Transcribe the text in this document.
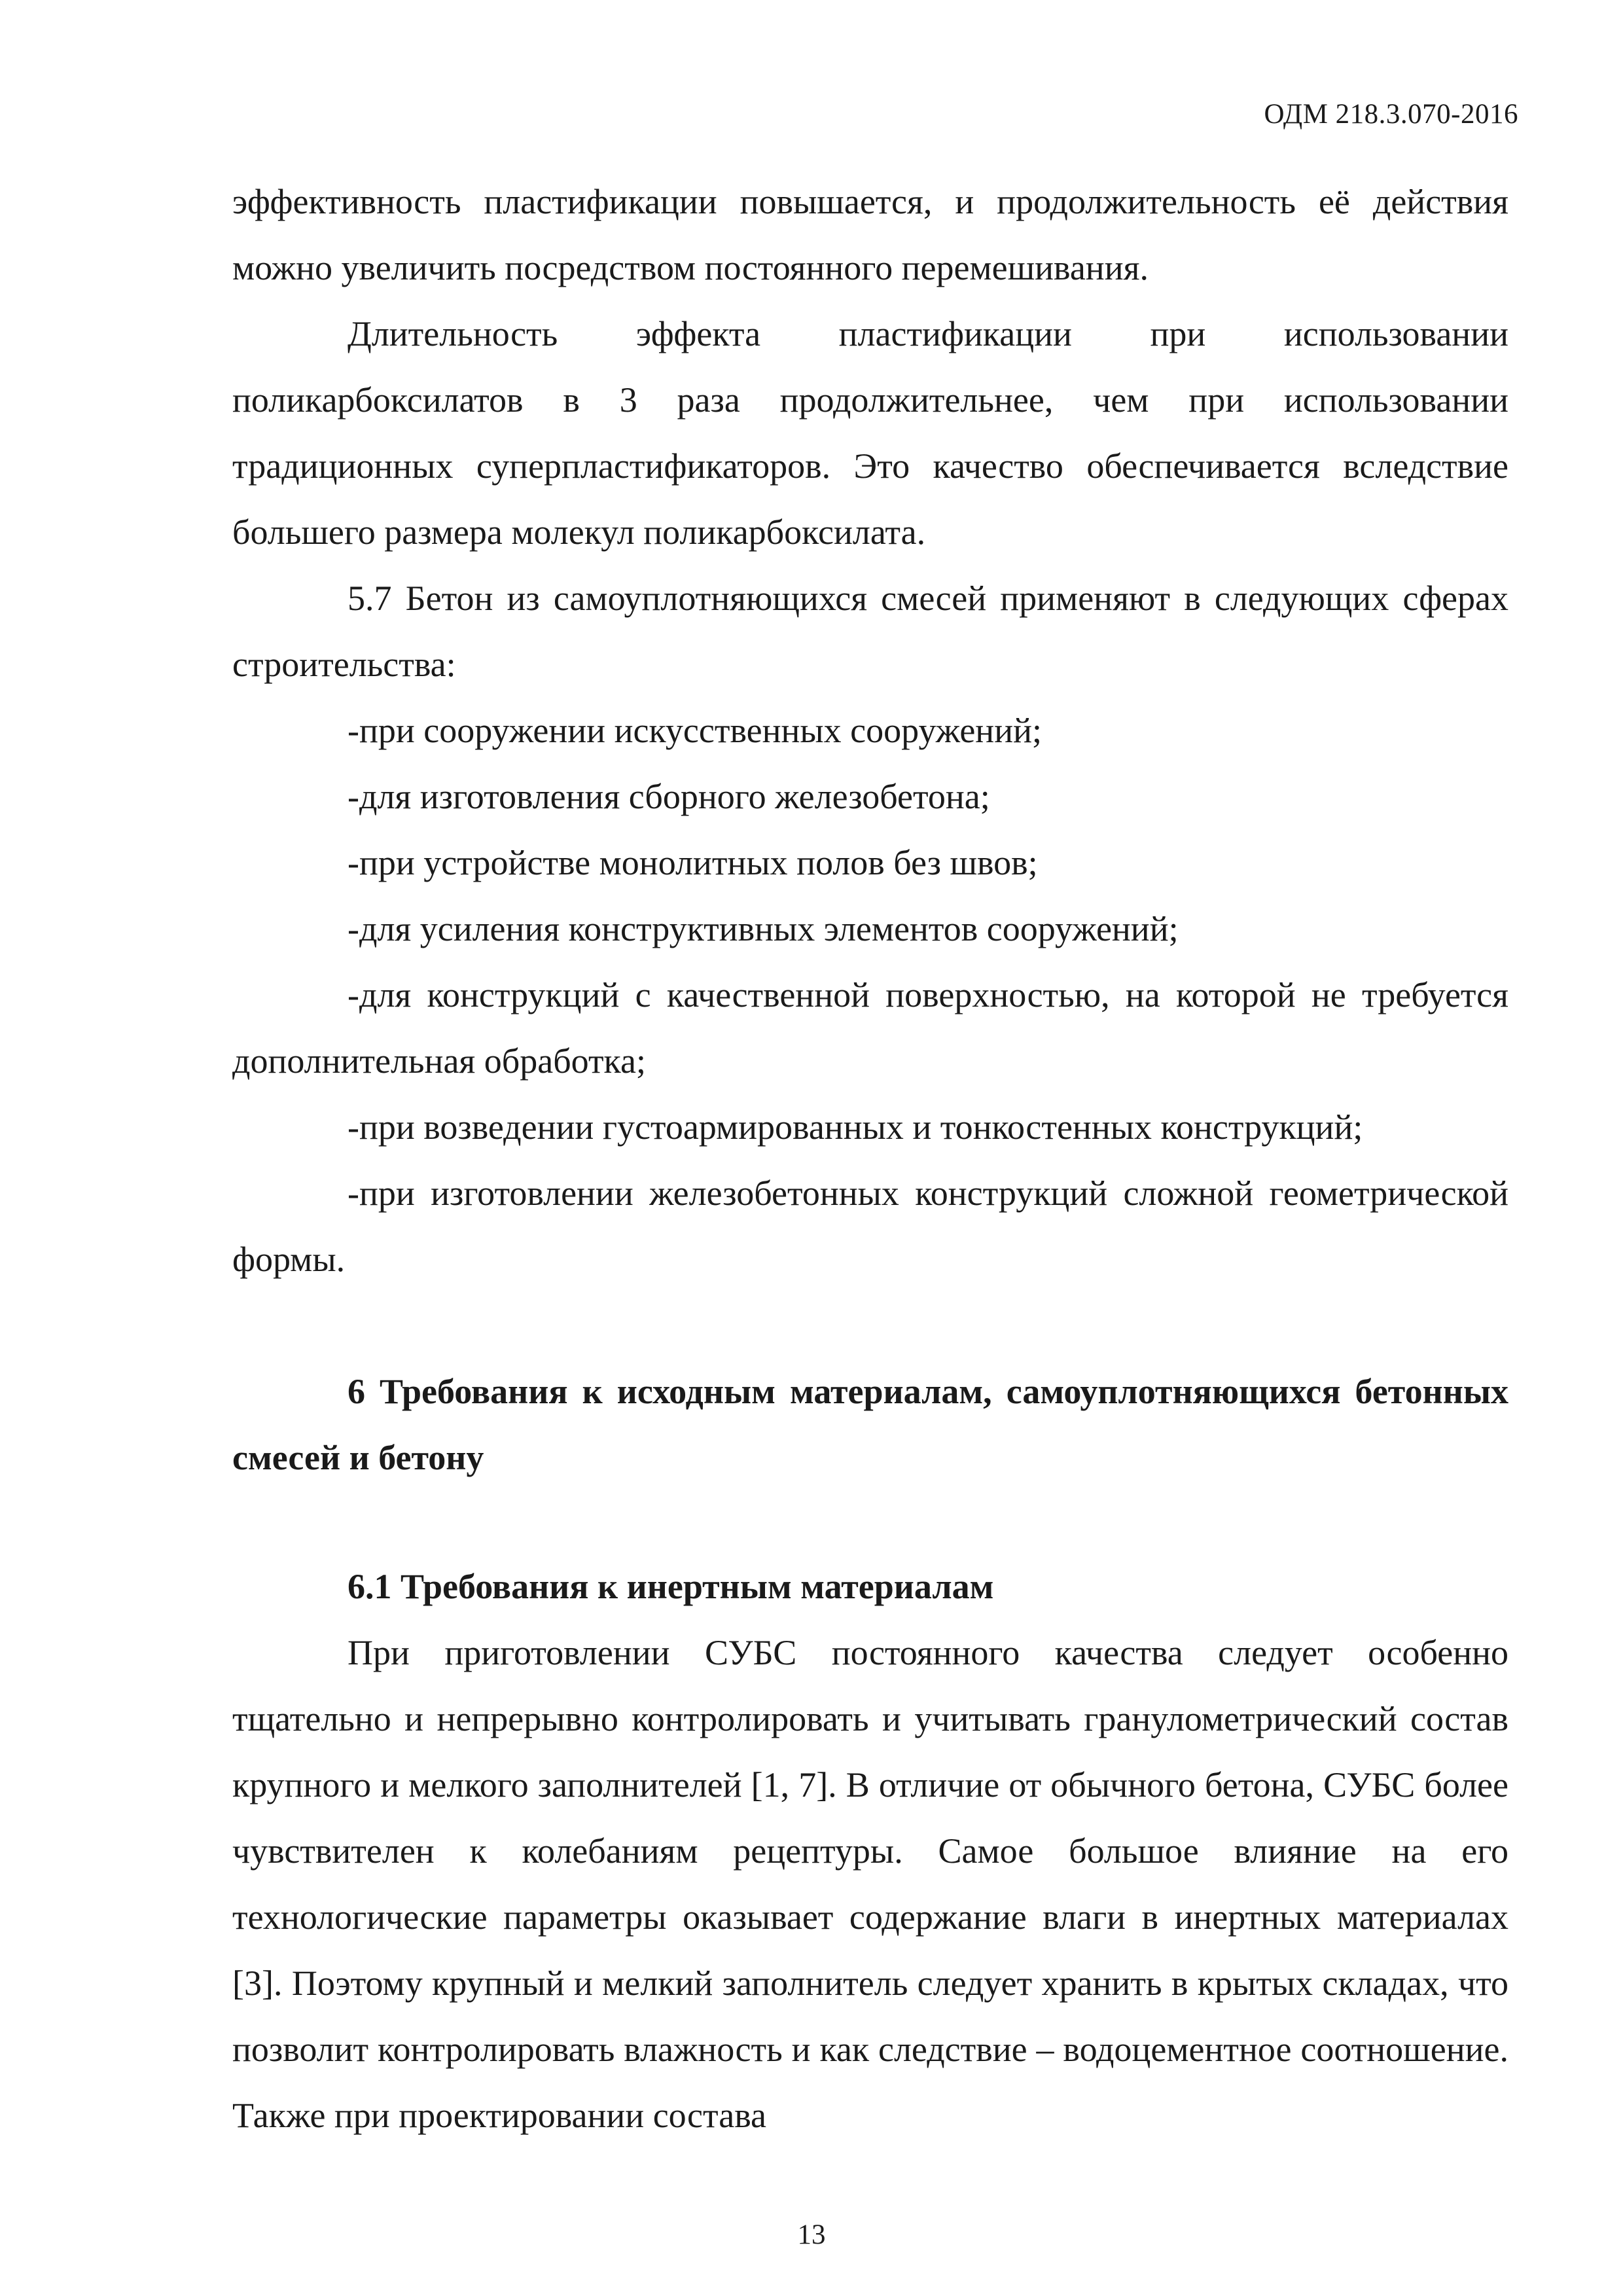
ОДМ 218.3.070-2016

эффективность пластификации повышается, и продолжительность её действия можно увеличить посредством постоянного перемешивания.

Длительность эффекта пластификации при использовании поликарбоксилатов в 3 раза продолжительнее, чем при использовании традиционных суперпластификаторов. Это качество обеспечивается вследствие большего размера молекул поликарбоксилата.

5.7 Бетон из самоуплотняющихся смесей применяют в следующих сферах строительства:

-при сооружении искусственных сооружений;

-для изготовления сборного железобетона;

-при устройстве монолитных полов без швов;

-для усиления конструктивных элементов сооружений;

-для конструкций с качественной поверхностью, на которой не требуется дополнительная обработка;

-при возведении густоармированных и тонкостенных конструкций;

-при изготовлении железобетонных конструкций сложной геометрической формы.

6 Требования к исходным материалам, самоуплотняющихся бетонных смесей и бетону

6.1 Требования к инертным материалам

При приготовлении СУБС постоянного качества следует особенно тщательно и непрерывно контролировать и учитывать гранулометрический состав крупного и мелкого заполнителей [1, 7]. В отличие от обычного бетона, СУБС более чувствителен к колебаниям рецептуры. Самое большое влияние на его технологические параметры оказывает содержание влаги в инертных материалах [3]. Поэтому крупный и мелкий заполнитель следует хранить в крытых складах, что позволит контролировать влажность и как следствие – водоцементное соотношение. Также при проектировании состава

13
